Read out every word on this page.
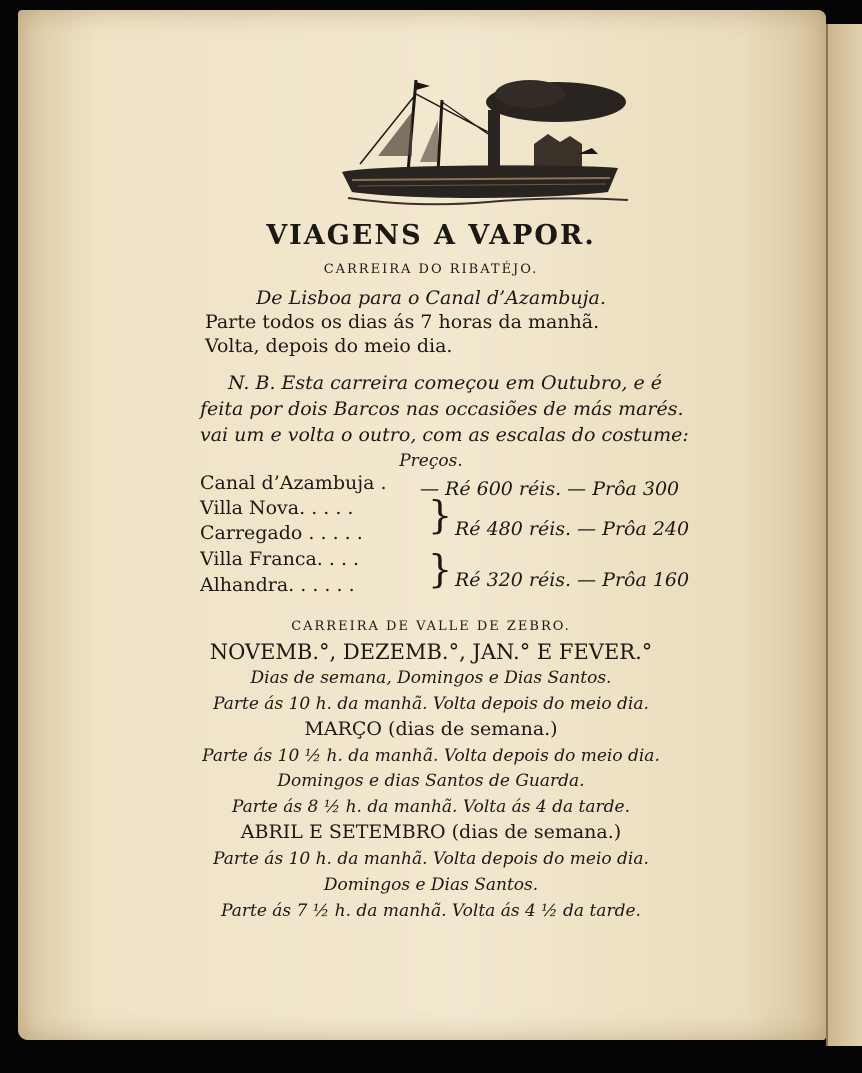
VIAGENS A VAPOR.
CARREIRA DO RIBATÉJO.
De Lisboa para o Canal d’Azambuja.
Parte todos os dias ás 7 horas da manhã.
Volta, depois do meio dia.
N. B. Esta carreira começou em Outubro, e é
feita por dois Barcos nas occasiões de más marés.
vai um e volta o outro, com as escalas do costume:
Preços.
Canal d’Azambuja .
Villa Nova. . . . .
Carregado . . . . .
Villa Franca. . . .
Alhandra. . . . . .
}
}
— Ré 600 réis. — Prôa 300
Ré 480 réis. — Prôa 240
Ré 320 réis. — Prôa 160
CARREIRA DE VALLE DE ZEBRO.
NOVEMB.°, DEZEMB.°, JAN.° E FEVER.°
Dias de semana, Domingos e Dias Santos.
Parte ás 10 h. da manhã. Volta depois do meio dia.
MARÇO (dias de semana.)
Parte ás 10 ½ h. da manhã. Volta depois do meio dia.
Domingos e dias Santos de Guarda.
Parte ás 8 ½ h. da manhã. Volta ás 4 da tarde.
ABRIL E SETEMBRO (dias de semana.)
Parte ás 10 h. da manhã. Volta depois do meio dia.
Domingos e Dias Santos.
Parte ás 7 ½ h. da manhã. Volta ás 4 ½ da tarde.
